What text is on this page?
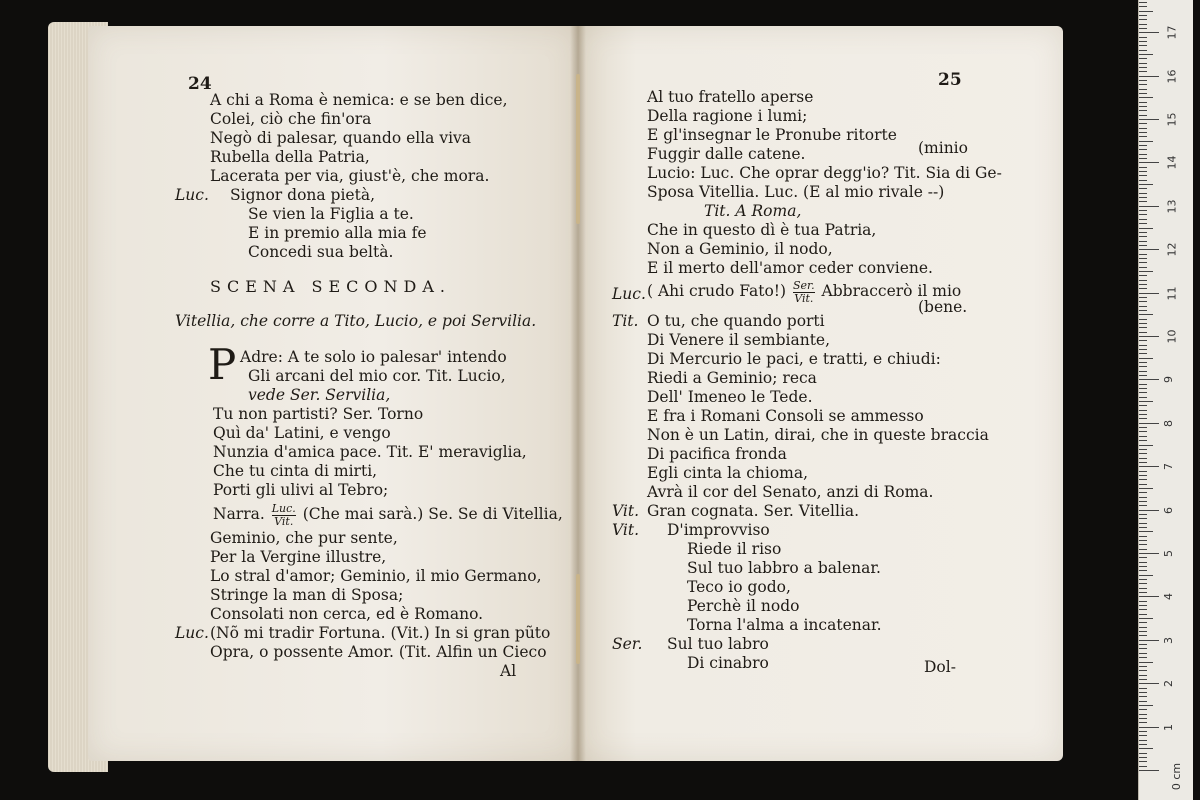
24
A chi a Roma è nemica: e se ben dice,
Colei, ciò che fin'ora
Negò di palesar, quando ella viva
Rubella della Patria,
Lacerata per via, giust'è, che mora.
Luc. Signor dona pietà,
Se vien la Figlia a te.
E in premio alla mia fe
Concedi sua beltà.
SCENA SECONDA.
Vitellia, che corre a Tito, Lucio, e poi Servilia.
P Adre: A te solo io palesar' intendo
Gli arcani del mio cor. Tit. Lucio,
vede Ser. Servilia,
Tu non partisti? Ser. Torno
Quì da' Latini, e vengo
Nunzia d'amica pace. Tit. E' meraviglia,
Che tu cinta di mirti,
Porti gli ulivi al Tebro;
Narra. $\frac{\text{Luc.}}{\text{Vit.}} (Che$ mai sarà.) Se. Se di Vitellia,
Geminio, che pur sente,
Per la Vergine illustre,
Lo stral d'amor; Geminio, il mio Germano,
Stringe la man di Sposa;
Consolati non cerca, ed è Romano.
Luc. (Nõ mi tradir Fortuna. (Vit.) In si gran pũto
Opra, o possente Amor. (Tit. Alfin un Cieco
Al
25
Al tuo fratello aperse
Della ragione i lumi;
E gl'insegnar le Pronube ritorte
Fuggir dalle catene.	(minio
Lucio: Luc. Che oprar degg'io? Tit. Sia di Ge-
Sposa Vitellia. Luc. (E al mio rivale --)
Tit. A Roma,
Che in questo dì è tua Patria,
Non a Geminio, il nodo,
E il merto dell'amor ceder conviene.
Luc. ( Ahi crudo Fato!) $\frac{\text{Ser.}}{\text{Vit.}}$ Abbraccerò il mio
(bene.
Tit. O tu, che quando porti
Di Venere il sembiante,
Di Mercurio le paci, e tratti, e chiudi:
Riedi a Geminio; reca
Dell' Imeneo le Tede.
E fra i Romani Consoli se ammesso
Non è un Latin, dirai, che in queste braccia
Di pacifica fronda
Egli cinta la chioma,
Avrà il cor del Senato, anzi di Roma.
Vit. Gran cognata. Ser. Vitellia.
Vit. D'improvviso
Riede il riso
Sul tuo labbro a balenar.
Teco io godo,
Perchè il nodo
Torna l'alma a incatenar.
Ser. Sul tuo labro
Di cinabro	Dol-
0 cm
1
2
3
4
5
6
7
8
9
10
11
12
13
14
15
16
17
